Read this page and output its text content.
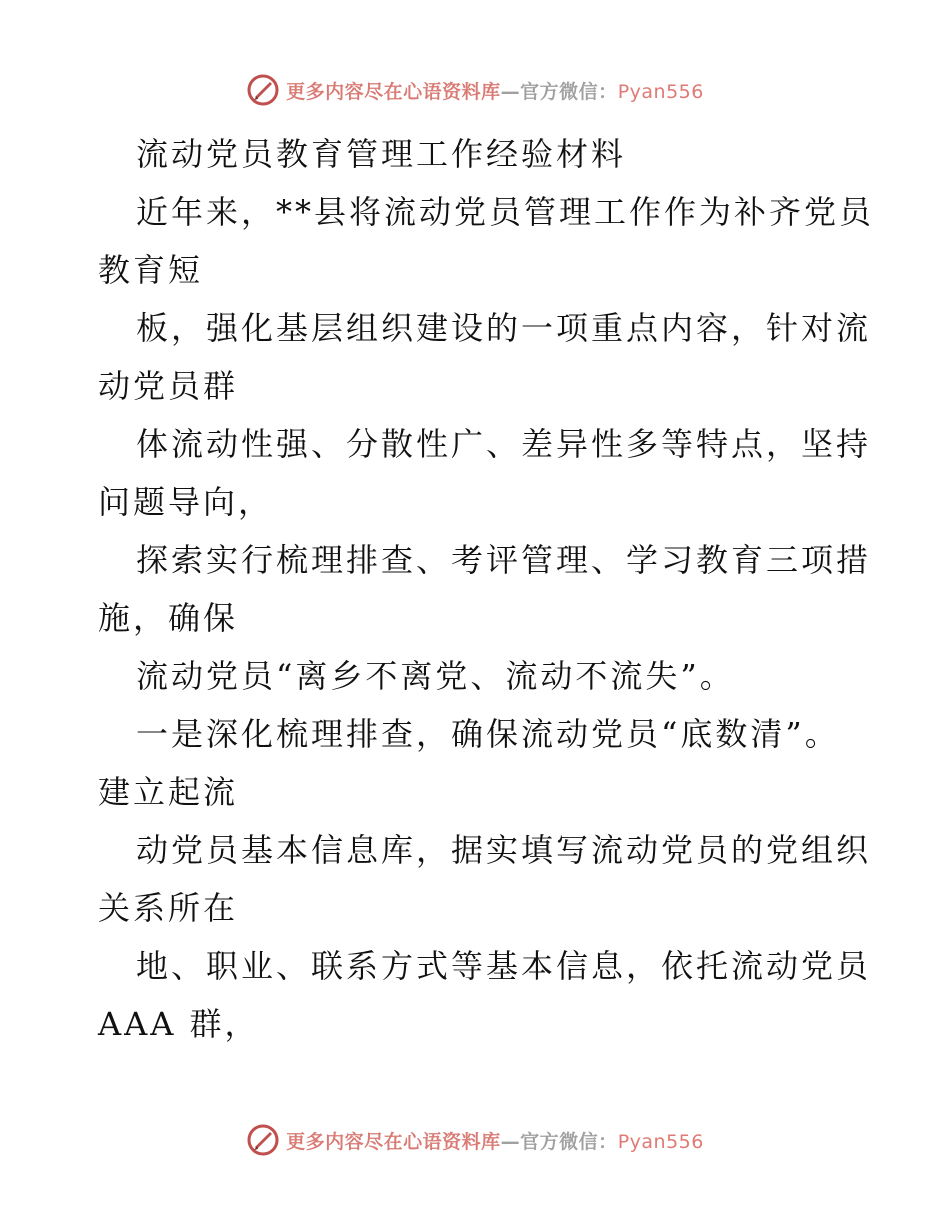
更多内容尽在心语资料库—官方微信：Pyan556
流动党员教育管理工作经验材料
近年来，**县将流动党员管理工作作为补齐党员
教育短
板，强化基层组织建设的一项重点内容，针对流
动党员群
体流动性强、分散性广、差异性多等特点，坚持
问题导向，
探索实行梳理排查、考评管理、学习教育三项措
施，确保
流动党员“离乡不离党、流动不流失”。
一是深化梳理排查，确保流动党员“底数清”。
建立起流
动党员基本信息库，据实填写流动党员的党组织
关系所在
地、职业、联系方式等基本信息，依托流动党员
AAA 群，
更多内容尽在心语资料库—官方微信：Pyan556
